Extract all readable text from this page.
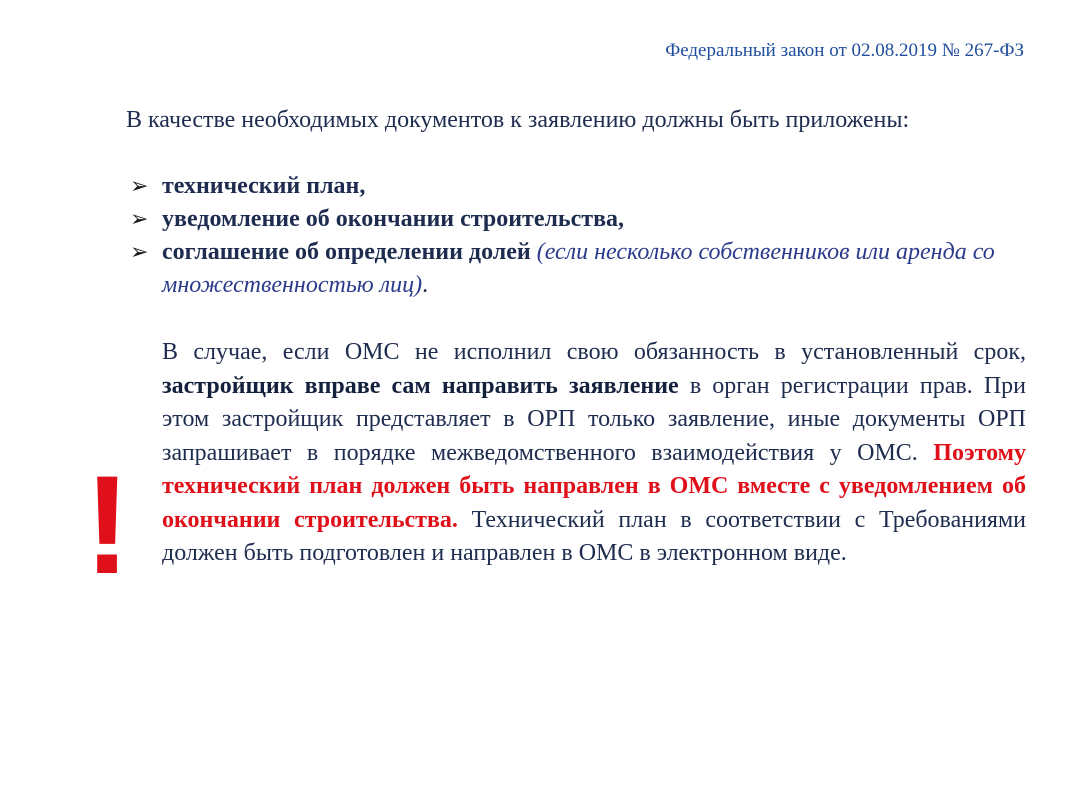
Федеральный закон от 02.08.2019 № 267-ФЗ
В качестве необходимых документов к заявлению должны быть приложены:
➢ технический план,
➢ уведомление об окончании строительства,
➢ соглашение об определении долей (если несколько собственников или аренда со множественностью лиц).
В случае, если ОМС не исполнил свою обязанность в установленный срок, застройщик вправе сам направить заявление в орган регистрации прав. При этом застройщик представляет в ОРП только заявление, иные документы ОРП запрашивает в порядке межведомственного взаимодействия у ОМС. Поэтому технический план должен быть направлен в ОМС вместе с уведомлением об окончании строительства. Технический план в соответствии с Требованиями должен быть подготовлен и направлен в ОМС в электронном виде.
!
